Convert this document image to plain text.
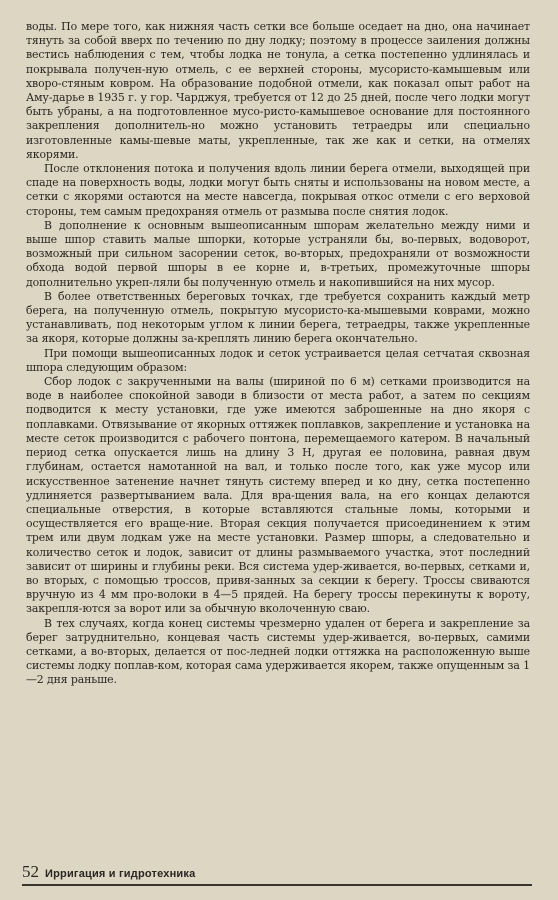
воды. По мере того, как нижняя часть сетки все больше оседает на дно, она начинает тянуть за собой вверх по течению по дну лодку; поэтому в процессе заиления должны вестись наблюдения с тем, чтобы лодка не тонула, а сетка постепенно удлинялась и покрывала получен-ную отмель, с ее верхней стороны, мусористо-камышевым или хворо-стяным ковром. На образование подобной отмели, как показал опыт работ на Аму-дарье в 1935 г. у гор. Чарджуя, требуется от 12 до 25 дней, после чего лодки могут быть убраны, а на подготовленное мусо-ристо-камышевое основание для постоянного закрепления дополнитель-но можно установить тетраедры или специально изготовленные камы-шевые маты, укрепленные, так же как и сетки, на отмелях якорями.

После отклонения потока и получения вдоль линии берега отмели, выходящей при спаде на поверхность воды, лодки могут быть сняты и использованы на новом месте, а сетки с якорями остаются на месте навсегда, покрывая откос отмели с его верховой стороны, тем самым предохраняя отмель от размыва после снятия лодок.

В дополнение к основным вышеописанным шпорам желательно между ними и выше шпор ставить малые шпорки, которые устраняли бы, во-первых, водоворот, возможный при сильном засорении сеток, во-вторых, предохраняли от возможности обхода водой первой шпоры в ее корне и, в-третьих, промежуточные шпоры дополнительно укреп-ляли бы полученную отмель и накопившийся на них мусор.

В более ответственных береговых точках, где требуется сохранить каждый метр берега, на полученную отмель, покрытую мусористо-ка-мышевыми коврами, можно устанавливать, под некоторым углом к линии берега, тетраедры, также укрепленные за якоря, которые должны за-креплять линию берега окончательно.

При помощи вышеописанных лодок и сеток устраивается целая сетчатая сквозная шпора следующим образом:

Сбор лодок с закрученными на валы (шириной по 6 м) сетками производится на воде в наиболее спокойной заводи в близости от места работ, а затем по секциям подводится к месту установки, где уже имеются заброшенные на дно якоря с поплавками. Отвязывание от якорных оттяжек поплавков, закрепление и установка на месте сеток производится с рабочего понтона, перемещаемого катером. В начальный период сетка опускается лишь на длину 3 Н, другая ее половина, равная двум глубинам, остается намотанной на вал, и только после того, как уже мусор или искусственное затенение начнет тянуть систему вперед и ко дну, сетка постепенно удлиняется развертыванием вала. Для вра-щения вала, на его концах делаются специальные отверстия, в которые вставляются стальные ломы, которыми и осуществляется его враще-ние. Вторая секция получается присоединением к этим трем или двум лодкам уже на месте установки. Размер шпоры, а следовательно и количество сеток и лодок, зависит от длины размываемого участка, этот последний зависит от ширины и глубины реки. Вся система удер-живается, во-первых, сетками и, во вторых, с помощью троссов, привя-занных за секции к берегу. Троссы свиваются вручную из 4 мм про-волоки в 4—5 прядей. На берегу троссы перекинуты к вороту, закрепля-ются за ворот или за обычную вколоченную сваю.

В тех случаях, когда конец системы чрезмерно удален от берега и закрепление за берег затруднительно, концевая часть системы удер-живается, во-первых, самими сетками, а во-вторых, делается от пос-ледней лодки оттяжка на расположенную выше системы лодку поплав-ком, которая сама удерживается якорем, также опущенным за 1—2 дня раньше.

52 Ирригация и гидротехника
